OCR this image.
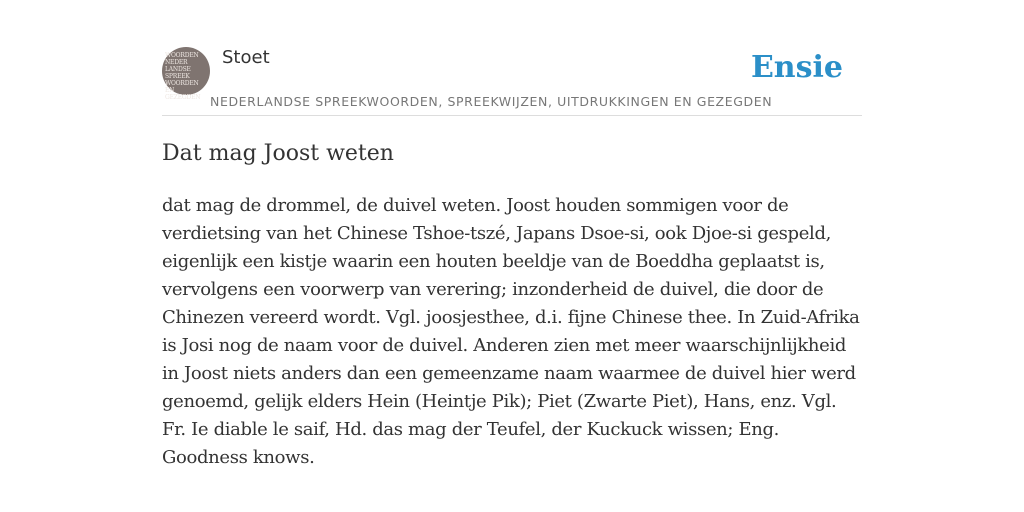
WOORDEN
NEDER
LANDSE
SPREEK
WOORDEN EN
GEZEGDEN
Stoet	Ensie
NEDERLANDSE SPREEKWOORDEN, SPREEKWIJZEN, UITDRUKKINGEN EN GEZEGDEN
Dat mag Joost weten
dat mag de drommel, de duivel weten. Joost houden sommigen voor de verdietsing van het Chinese Tshoe-tszé, Japans Dsoe-si, ook Djoe-si gespeld, eigenlijk een kistje waarin een houten beeldje van de Boeddha geplaatst is, vervolgens een voorwerp van verering; inzonderheid de duivel, die door de Chinezen vereerd wordt. Vgl. joosjesthee, d.i. fijne Chinese thee. In Zuid-Afrika is Josi nog de naam voor de duivel. Anderen zien met meer waarschijnlijkheid in Joost niets anders dan een gemeenzame naam waarmee de duivel hier werd genoemd, gelijk elders Hein (Heintje Pik); Piet (Zwarte Piet), Hans, enz. Vgl. Fr. Ie diable le saif, Hd. das mag der Teufel, der Kuckuck wissen; Eng. Goodness knows.
